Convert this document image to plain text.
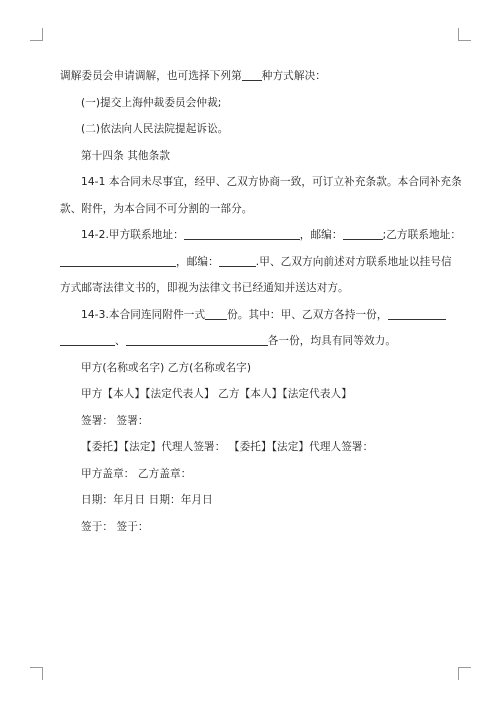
调解委员会申请调解，也可选择下列第 种方式解决：
(一)提交上海仲裁委员会仲裁;
(二)依法向人民法院提起诉讼。
第十四条 其他条款
14-1 本合同未尽事宜，经甲、乙双方协商一致，可订立补充条款。本合同补充条
款、附件，为本合同不可分割的一部分。
14-2.甲方联系地址：	，邮编：	;乙方联系地址：
，邮编：	.甲、乙双方向前述对方联系地址以挂号信
方式邮寄法律文书的，即视为法律文书已经通知并送达对方。
14-3.本合同连同附件一式 份。其中：甲、乙双方各持一份，
、	各一份，均具有同等效力。
甲方(名称或名字) 乙方(名称或名字)
甲方【本人】【法定代表人】 乙方【本人】【法定代表人】
签署： 签署：
【委托】【法定】代理人签署： 【委托】【法定】代理人签署：
甲方盖章： 乙方盖章：
日期：年月日 日期：年月日
签于： 签于：
